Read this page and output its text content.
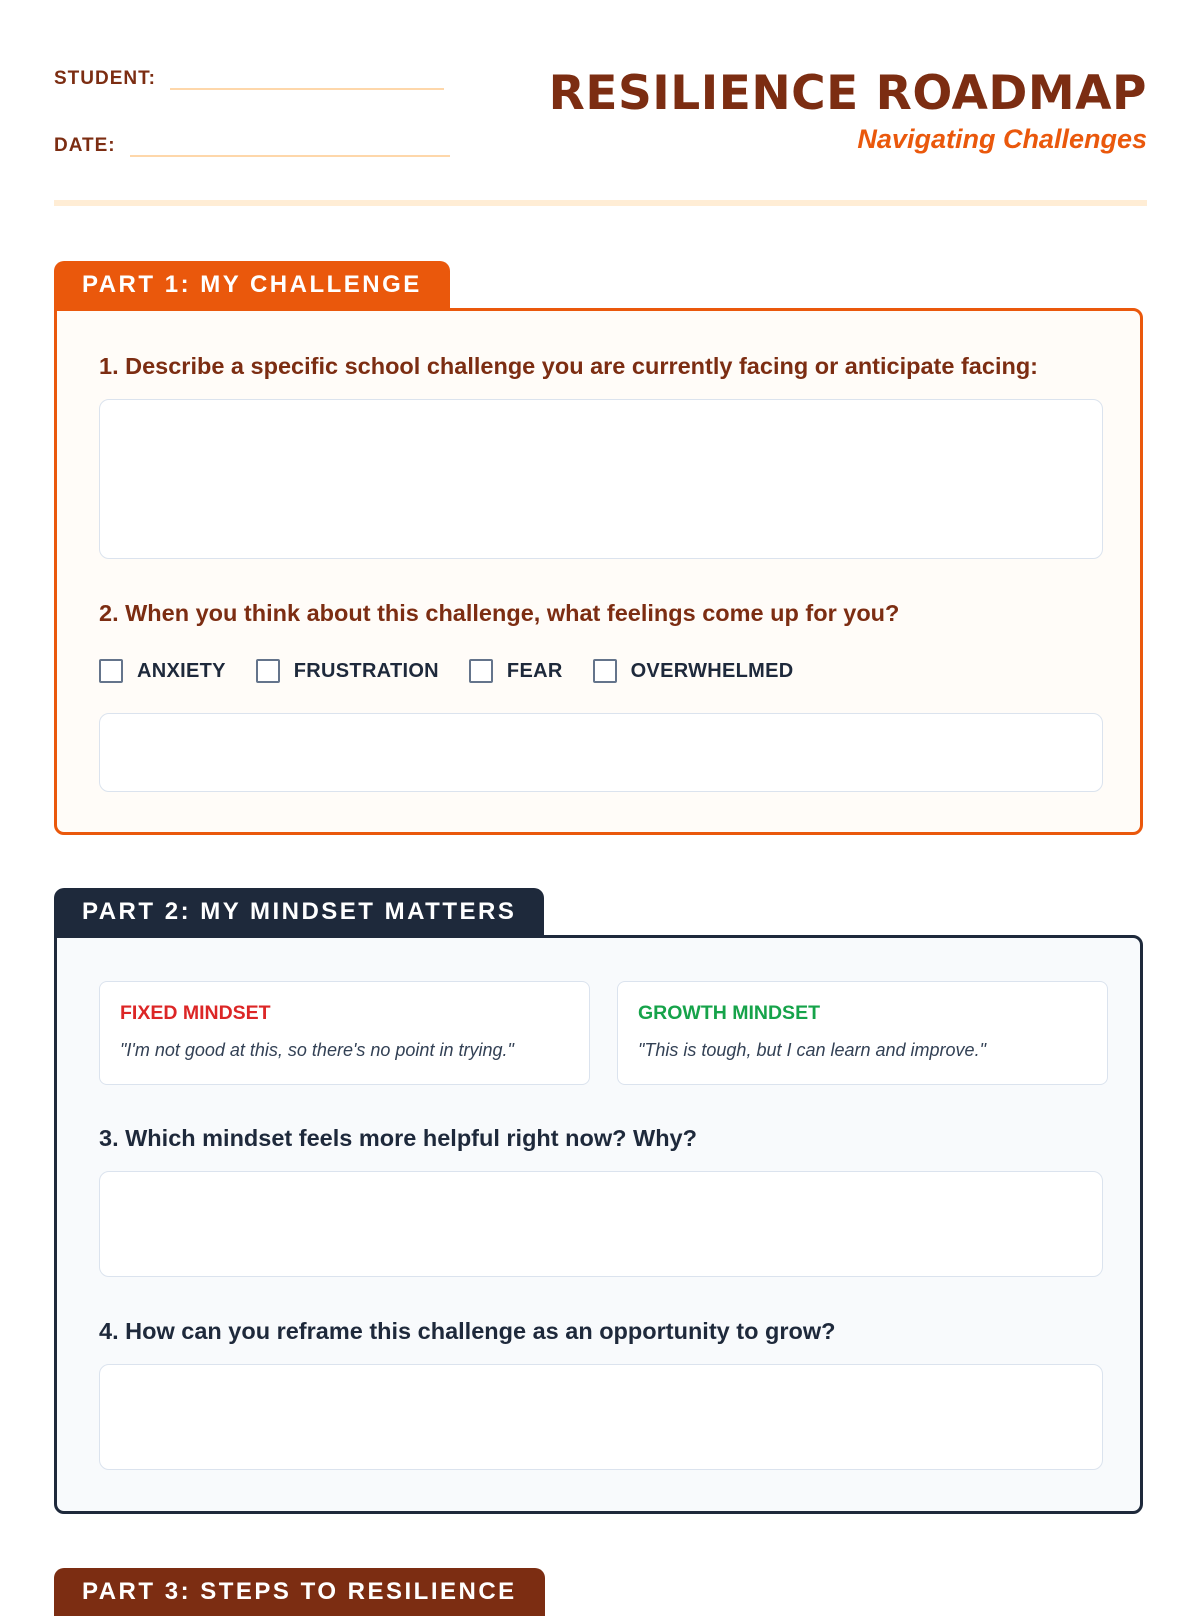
STUDENT:
DATE:
RESILIENCE ROADMAP
Navigating Challenges
PART 1: MY CHALLENGE
1. Describe a specific school challenge you are currently facing or anticipate facing:
2. When you think about this challenge, what feelings come up for you?
ANXIETY	FRUSTRATION	FEAR	OVERWHELMED
PART 2: MY MINDSET MATTERS
FIXED MINDSET
"I'm not good at this, so there's no point in trying."
GROWTH MINDSET
"This is tough, but I can learn and improve."
3. Which mindset feels more helpful right now? Why?
4. How can you reframe this challenge as an opportunity to grow?
PART 3: STEPS TO RESILIENCE
